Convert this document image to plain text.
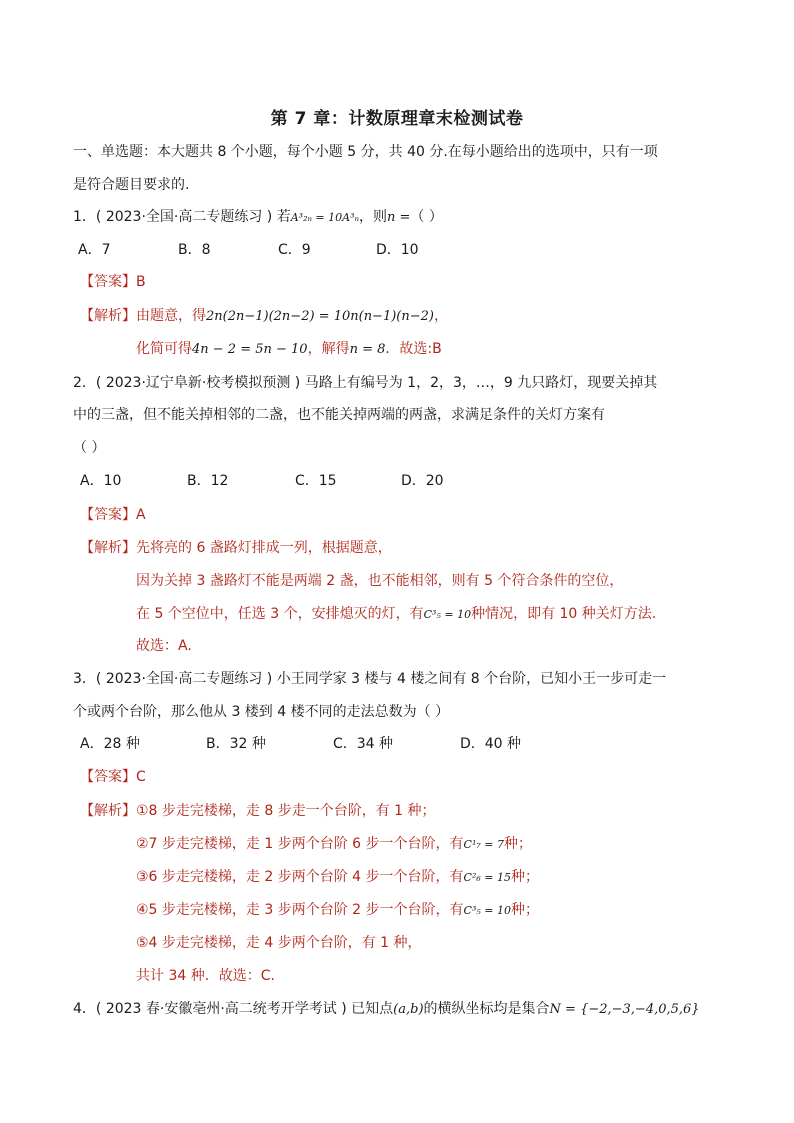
第 7 章：计数原理章末检测试卷
一、单选题：本大题共 8 个小题，每个小题 5 分，共 40 分.在每小题给出的选项中，只有一项
是符合题目要求的.
1．( 2023·全国·高二专题练习 ) 若A³₂ₙ = 10A³ₙ，则n =（ ）
A．7	B．8	C．9	D．10
【答案】B
【解析】由题意，得2n(2n−1)(2n−2) = 10n(n−1)(n−2)，
化简可得4n − 2 = 5n − 10，解得n = 8．故选:B
2．( 2023·辽宁阜新·校考模拟预测 ) 马路上有编号为 1，2，3，…，9 九只路灯，现要关掉其
中的三盏，但不能关掉相邻的二盏，也不能关掉两端的两盏，求满足条件的关灯方案有
（ ）
A．10	B．12	C．15	D．20
【答案】A
【解析】先将亮的 6 盏路灯排成一列，根据题意，
因为关掉 3 盏路灯不能是两端 2 盏，也不能相邻，则有 5 个符合条件的空位，
在 5 个空位中，任选 3 个，安排熄灭的灯，有C³₅ = 10种情况，即有 10 种关灯方法.
故选：A.
3．( 2023·全国·高二专题练习 ) 小王同学家 3 楼与 4 楼之间有 8 个台阶，已知小王一步可走一
个或两个台阶，那么他从 3 楼到 4 楼不同的走法总数为（ ）
A．28 种	B．32 种	C．34 种	D．40 种
【答案】C
【解析】①8 步走完楼梯，走 8 步走一个台阶，有 1 种；
②7 步走完楼梯，走 1 步两个台阶 6 步一个台阶，有C¹₇ = 7种；
③6 步走完楼梯，走 2 步两个台阶 4 步一个台阶，有C²₆ = 15种；
④5 步走完楼梯，走 3 步两个台阶 2 步一个台阶，有C³₅ = 10种；
⑤4 步走完楼梯，走 4 步两个台阶，有 1 种，
共计 34 种．故选：C．
4．( 2023 春·安徽亳州·高二统考开学考试 ) 已知点(a,b)的横纵坐标均是集合N = {−2,−3,−4,0,5,6}
